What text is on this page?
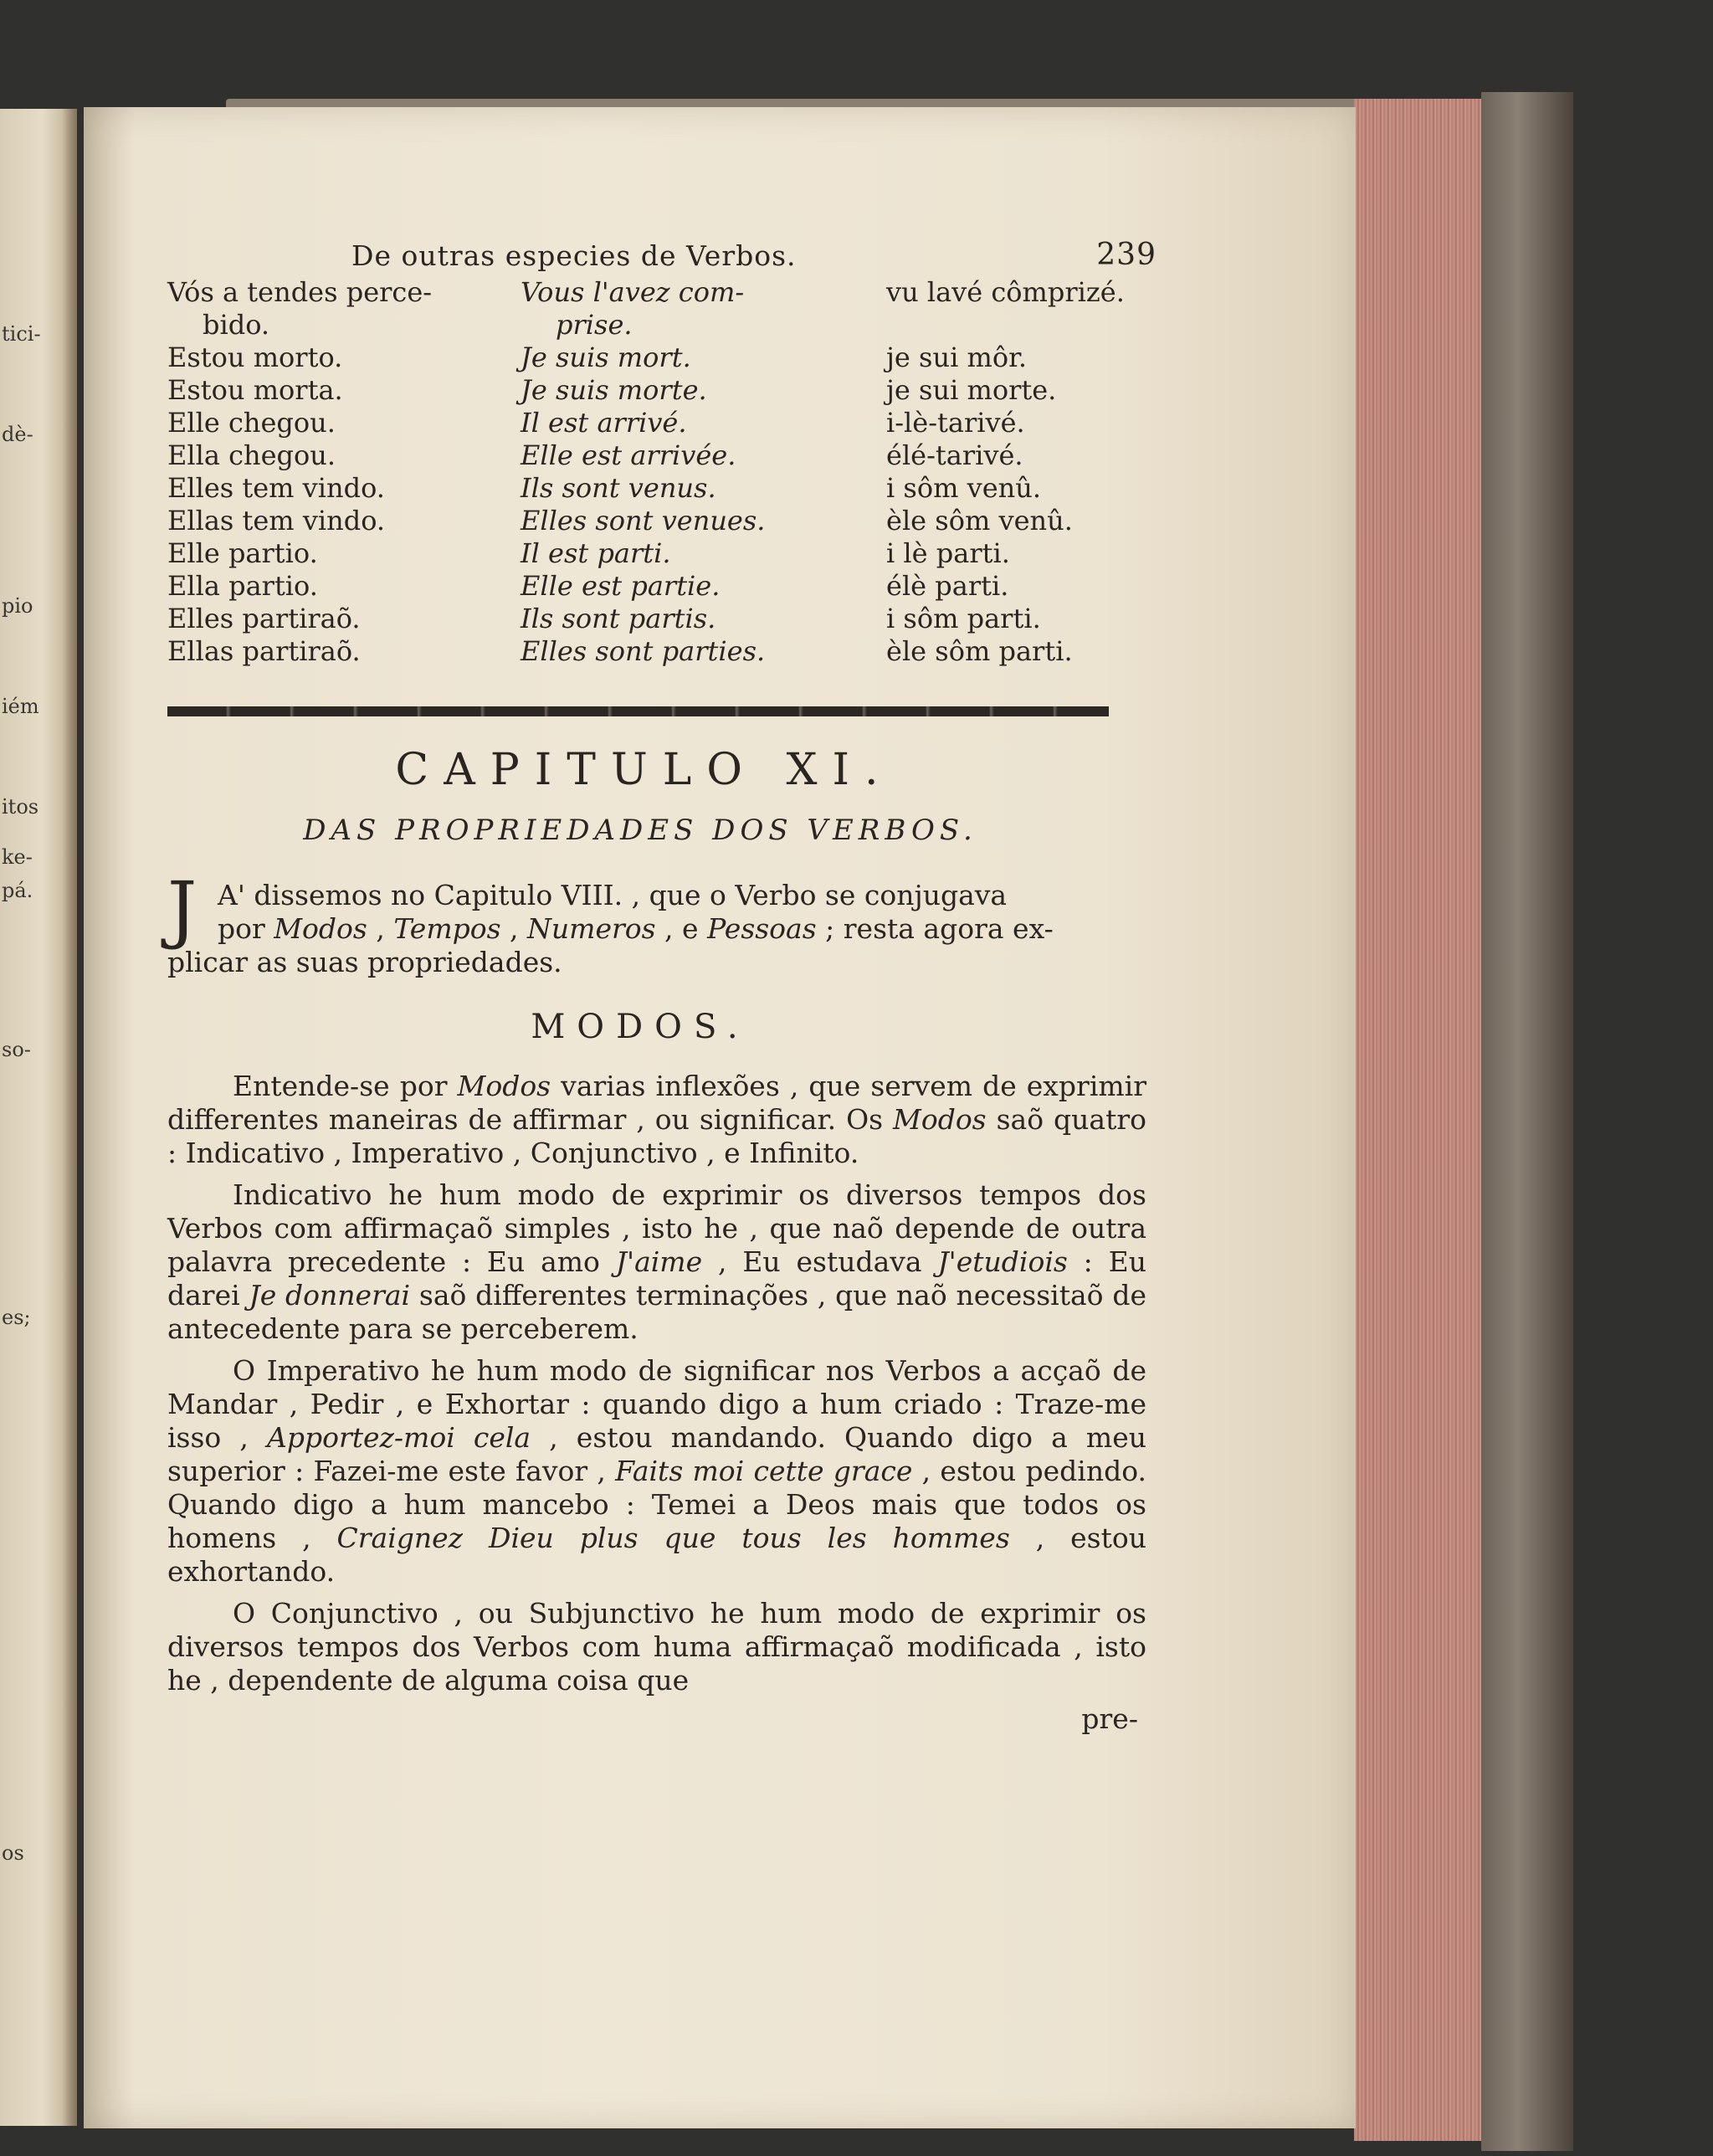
tici-
dè-
pio
iém
itos
ke-
pá.
so-
es;
os
De outras especies de Verbos.	239
Vós a tendes perce-	Vous l'avez com-	vu lavé cômprizé.
bido.	prise.	
Estou morto.	Je suis mort.	je sui môr.
Estou morta.	Je suis morte.	je sui morte.
Elle chegou.	Il est arrivé.	i-lè-tarivé.
Ella chegou.	Elle est arrivée.	élé-tarivé.
Elles tem vindo.	Ils sont venus.	i sôm venû.
Ellas tem vindo.	Elles sont venues.	èle sôm venû.
Elle partio.	Il est parti.	i lè parti.
Ella partio.	Elle est partie.	élè parti.
Elles partiraõ.	Ils sont partis.	i sôm parti.
Ellas partiraõ.	Elles sont parties.	èle sôm parti.
CAPITULO XI.
DAS PROPRIEDADES DOS VERBOS.
J A' dissemos no Capitulo VIII. , que o Verbo se conjugava
por Modos , Tempos , Numeros , e Pessoas ; resta agora ex-
plicar as suas propriedades.
MODOS.

Entende-se por Modos varias inflexões , que servem de exprimir differentes maneiras de affirmar , ou significar. Os Modos saõ quatro : Indicativo , Imperativo , Conjunctivo , e Infinito.

Indicativo he hum modo de exprimir os diversos tempos dos Verbos com affirmaçaõ simples , isto he , que naõ depende de outra palavra precedente : Eu amo J'aime , Eu estudava J'etudiois : Eu darei Je donnerai saõ differentes terminações , que naõ necessitaõ de antecedente para se perceberem.

O Imperativo he hum modo de significar nos Verbos a acçaõ de Mandar , Pedir , e Exhortar : quando digo a hum criado : Traze-me isso , Apportez-moi cela , estou mandando. Quando digo a meu superior : Fazei-me este favor , Faits moi cette grace , estou pedindo. Quando digo a hum mancebo : Temei a Deos mais que todos os homens , Craignez Dieu plus que tous les hommes , estou exhortando.

O Conjunctivo , ou Subjunctivo he hum modo de exprimir os diversos tempos dos Verbos com huma affirmaçaõ modificada , isto he , dependente de alguma coisa que

pre-
